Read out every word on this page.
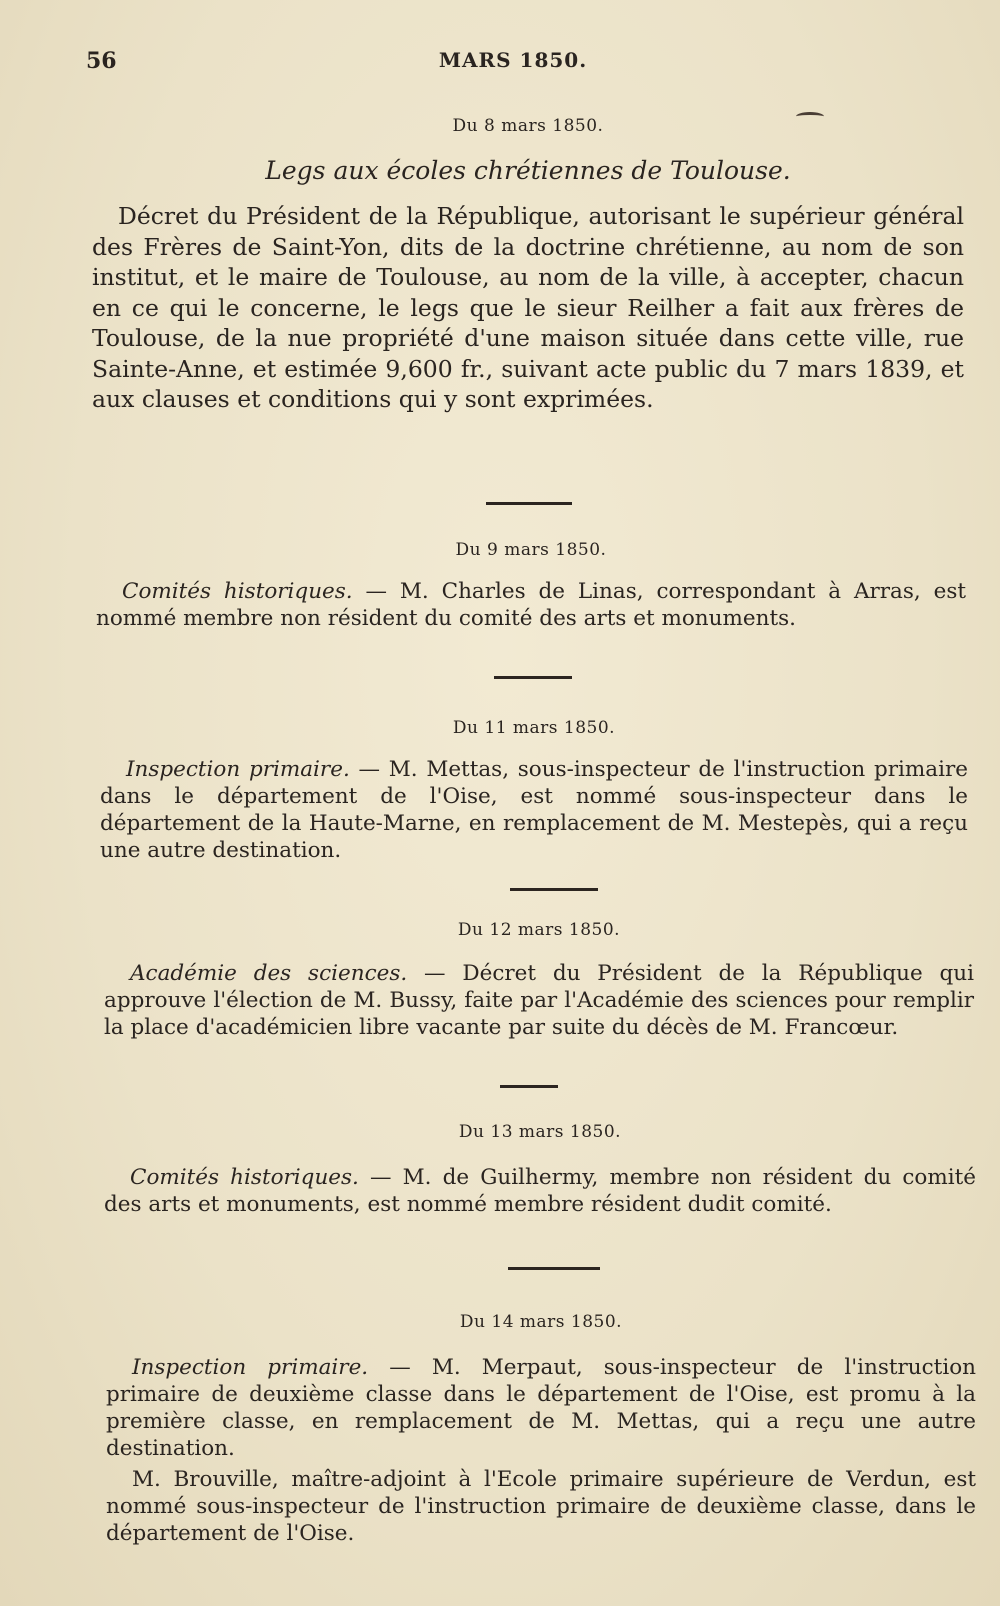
56	MARS 1850.

Du 8 mars 1850.

Legs aux écoles chrétiennes de Toulouse.

Décret du Président de la République, autorisant le supérieur général des Frères de Saint-Yon, dits de la doctrine chrétienne, au nom de son institut, et le maire de Toulouse, au nom de la ville, à accepter, chacun en ce qui le concerne, le legs que le sieur Reilher a fait aux frères de Toulouse, de la nue propriété d'une maison située dans cette ville, rue Sainte-Anne, et estimée 9,600 fr., suivant acte public du 7 mars 1839, et aux clauses et conditions qui y sont exprimées.

Du 9 mars 1850.

Comités historiques. — M. Charles de Linas, correspondant à Arras, est nommé membre non résident du comité des arts et monuments.

Du 11 mars 1850.

Inspection primaire. — M. Mettas, sous-inspecteur de l'instruction primaire dans le département de l'Oise, est nommé sous-inspecteur dans le département de la Haute-Marne, en remplacement de M. Mestepès, qui a reçu une autre destination.

Du 12 mars 1850.

Académie des sciences. — Décret du Président de la République qui approuve l'élection de M. Bussy, faite par l'Académie des sciences pour remplir la place d'académicien libre vacante par suite du décès de M. Francœur.

Du 13 mars 1850.

Comités historiques. — M. de Guilhermy, membre non résident du comité des arts et monuments, est nommé membre résident dudit comité.

Du 14 mars 1850.

Inspection primaire. — M. Merpaut, sous-inspecteur de l'instruction primaire de deuxième classe dans le département de l'Oise, est promu à la première classe, en remplacement de M. Mettas, qui a reçu une autre destination.

M. Brouville, maître-adjoint à l'Ecole primaire supérieure de Verdun, est nommé sous-inspecteur de l'instruction primaire de deuxième classe, dans le département de l'Oise.
